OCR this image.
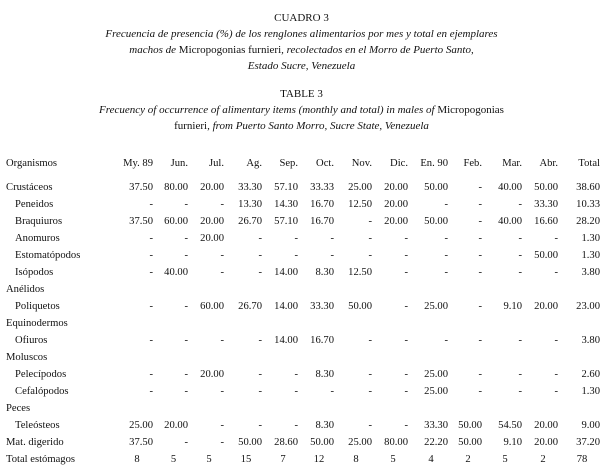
CUADRO 3
Frecuencia de presencia (%) de los renglones alimentarios por mes y total en ejemplares
machos de Micropogonias furnieri, recolectados en el Morro de Puerto Santo,
Estado Sucre, Venezuela
TABLE 3
Frecuency of occurrence of alimentary items (monthly and total) in males of Micropogonias
furnieri, from Puerto Santo Morro, Sucre State, Venezuela
Organismos	My. 89	Jun.	Jul.	Ag.	Sep.	Oct.	Nov.	Dic.	En. 90	Feb.	Mar.	Abr.	Total
Crustáceos	37.50	80.00	20.00	33.30	57.10	33.33	25.00	20.00	50.00	-	40.00	50.00	38.60
Peneidos	-	-	-	13.30	14.30	16.70	12.50	20.00	-	-	-	33.30	10.33
Braquiuros	37.50	60.00	20.00	26.70	57.10	16.70	-	20.00	50.00	-	40.00	16.60	28.20
Anomuros	-	-	20.00	-	-	-	-	-	-	-	-	-	1.30
Estomatópodos	-	-	-	-	-	-	-	-	-	-	-	50.00	1.30
Isópodos	-	40.00	-	-	14.00	8.30	12.50	-	-	-	-	-	3.80
Anélidos													
Poliquetos	-	-	60.00	26.70	14.00	33.30	50.00	-	25.00	-	9.10	20.00	23.00
Equinodermos													
Ofiuros	-	-	-	-	14.00	16.70	-	-	-	-	-	-	3.80
Moluscos													
Pelecípodos	-	-	20.00	-	-	8.30	-	-	25.00	-	-	-	2.60
Cefalópodos	-	-	-	-	-	-	-	-	25.00	-	-	-	1.30
Peces													
Teleósteos	25.00	20.00	-	-	-	8.30	-	-	33.30	50.00	54.50	20.00	9.00
Mat. digerido	37.50	-	-	50.00	28.60	50.00	25.00	80.00	22.20	50.00	9.10	20.00	37.20
Total estómagos	8	5	5	15	7	12	8	5	4	2	5	2	78
